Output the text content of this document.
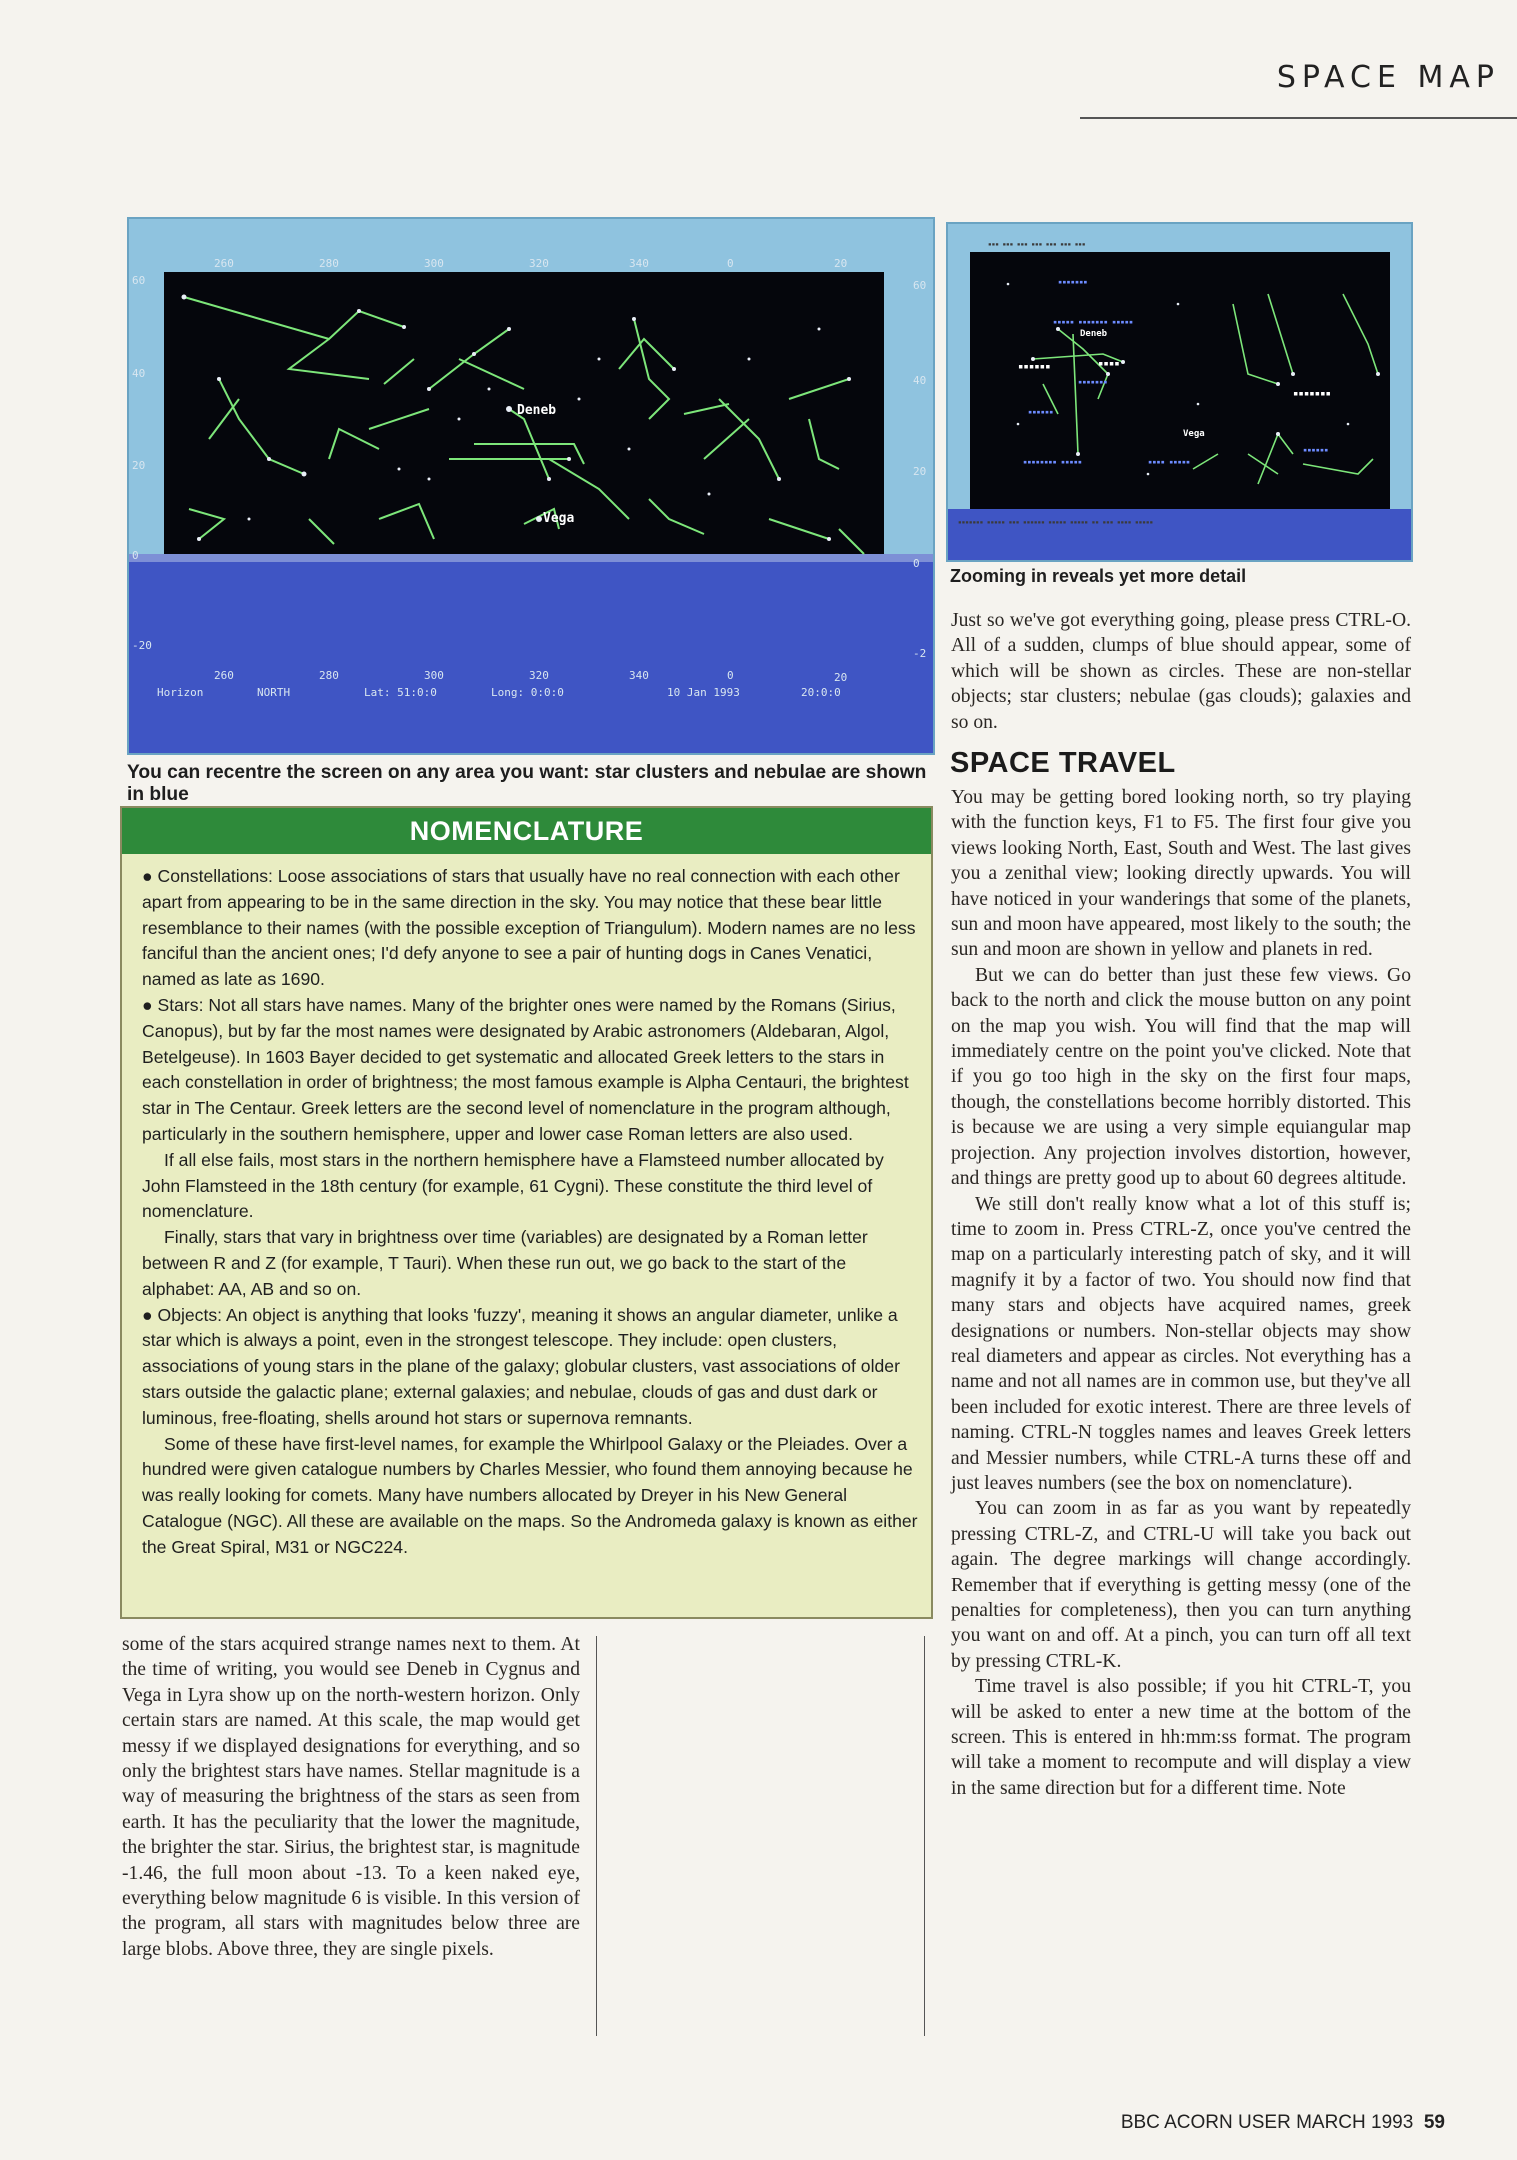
SPACE MAP
Deneb
Vega
260	280	300	320	340	0	20
60
40
20
0
-20
60
40
20
0
-2
260	280	300	320	340	0	20
Horizon	NORTH	Lat: 51:0:0	Long: 0:0:0	10 Jan 1993	20:0:0
You can recentre the screen on any area you want: star clusters and nebulae are shown in blue
▪▪▪▪▪▪▪
▪▪▪▪▪ ▪▪▪▪▪▪▪ ▪▪▪▪▪
▪▪▪▪▪▪▪
▪▪▪▪▪▪
▪▪▪▪▪▪▪▪ ▪▪▪▪▪	▪▪▪▪ ▪▪▪▪▪
▪▪▪▪▪▪
Deneb
Vega
▪▪▪▪▪▪	▪▪▪▪
▪▪▪▪▪▪▪
▪▪▪ ▪▪▪ ▪▪▪ ▪▪▪ ▪▪▪ ▪▪▪ ▪▪▪
▪▪▪▪▪▪▪ ▪▪▪▪▪ ▪▪▪ ▪▪▪▪▪▪ ▪▪▪▪▪ ▪▪▪▪▪ ▪▪ ▪▪▪ ▪▪▪▪ ▪▪▪▪▪
Zooming in reveals yet more detail
NOMENCLATURE

● Constellations: Loose associations of stars that usually have no real connection with each other apart from appearing to be in the same direction in the sky. You may notice that these bear little resemblance to their names (with the possible exception of Triangulum). Modern names are no less fanciful than the ancient ones; I'd defy anyone to see a pair of hunting dogs in Canes Venatici, named as late as 1690.

● Stars: Not all stars have names. Many of the brighter ones were named by the Romans (Sirius, Canopus), but by far the most names were designated by Arabic astronomers (Aldebaran, Algol, Betelgeuse). In 1603 Bayer decided to get systematic and allocated Greek letters to the stars in each constellation in order of brightness; the most famous example is Alpha Centauri, the brightest star in The Centaur. Greek letters are the second level of nomenclature in the program although, particularly in the southern hemisphere, upper and lower case Roman letters are also used.

If all else fails, most stars in the northern hemisphere have a Flamsteed number allocated by John Flamsteed in the 18th century (for example, 61 Cygni). These constitute the third level of nomenclature.

Finally, stars that vary in brightness over time (variables) are designated by a Roman letter between R and Z (for example, T Tauri). When these run out, we go back to the start of the alphabet: AA, AB and so on.

● Objects: An object is anything that looks 'fuzzy', meaning it shows an angular diameter, unlike a star which is always a point, even in the strongest telescope. They include: open clusters, associations of young stars in the plane of the galaxy; globular clusters, vast associations of older stars outside the galactic plane; external galaxies; and nebulae, clouds of gas and dust dark or luminous, free-floating, shells around hot stars or supernova remnants.

Some of these have first-level names, for example the Whirlpool Galaxy or the Pleiades. Over a hundred were given catalogue numbers by Charles Messier, who found them annoying because he was really looking for comets. Many have numbers allocated by Dreyer in his New General Catalogue (NGC). All these are available on the maps. So the Andromeda galaxy is known as either the Great Spiral, M31 or NGC224.

some of the stars acquired strange names next to them. At the time of writing, you would see Deneb in Cygnus and Vega in Lyra show up on the north-western horizon. Only certain stars are named. At this scale, the map would get messy if we displayed designations for everything, and so only the brightest stars have names. Stellar magnitude is a way of measuring the brightness of the stars as seen from earth. It has the peculiarity that the lower the magnitude, the brighter the star. Sirius, the brightest star, is magnitude -1.46, the full moon about -13. To a keen naked eye, everything below magnitude 6 is visible. In this version of the program, all stars with magnitudes below three are large blobs. Above three, they are single pixels.

Just so we've got everything going, please press CTRL-O. All of a sudden, clumps of blue should appear, some of which will be shown as circles. These are non-stellar objects; star clusters; nebulae (gas clouds); galaxies and so on.

SPACE TRAVEL

You may be getting bored looking north, so try playing with the function keys, F1 to F5. The first four give you views looking North, East, South and West. The last gives you a zenithal view; looking directly upwards. You will have noticed in your wanderings that some of the planets, sun and moon have appeared, most likely to the south; the sun and moon are shown in yellow and planets in red.

But we can do better than just these few views. Go back to the north and click the mouse button on any point on the map you wish. You will find that the map will immediately centre on the point you've clicked. Note that if you go too high in the sky on the first four maps, though, the constellations become horribly distorted. This is because we are using a very simple equiangular map projection. Any projection involves distortion, however, and things are pretty good up to about 60 degrees altitude.

We still don't really know what a lot of this stuff is; time to zoom in. Press CTRL-Z, once you've centred the map on a particularly interesting patch of sky, and it will magnify it by a factor of two. You should now find that many stars and objects have acquired names, greek designations or numbers. Non-stellar objects may show real diameters and appear as circles. Not everything has a name and not all names are in common use, but they've all been included for exotic interest. There are three levels of naming. CTRL-N toggles names and leaves Greek letters and Messier numbers, while CTRL-A turns these off and just leaves numbers (see the box on nomenclature).

You can zoom in as far as you want by repeatedly pressing CTRL-Z, and CTRL-U will take you back out again. The degree markings will change accordingly. Remember that if everything is getting messy (one of the penalties for completeness), then you can turn anything you want on and off. At a pinch, you can turn off all text by pressing CTRL-K.

Time travel is also possible; if you hit CTRL-T, you will be asked to enter a new time at the bottom of the screen. This is entered in hh:mm:ss format. The program will take a moment to recompute and will display a view in the same direction but for a different time. Note

BBC ACORN USER MARCH 1993 59
